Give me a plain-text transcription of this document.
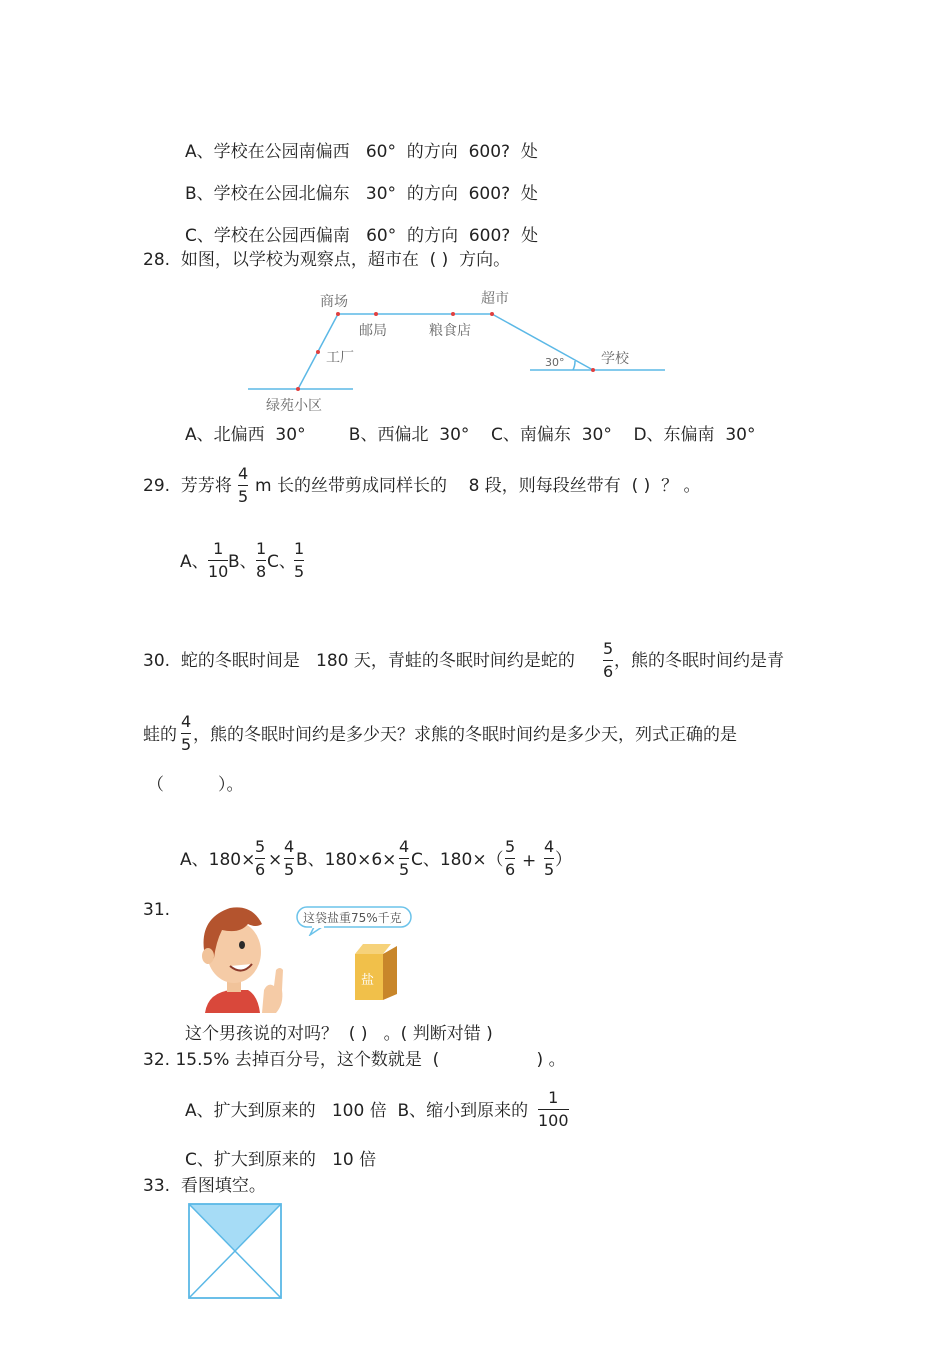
A、学校在公园南偏西   60°  的方向  600?  处
B、学校在公园北偏东   30°  的方向  600?  处
C、学校在公园西偏南   60°  的方向  600?  处
28.  如图，以学校为观察点，超市在  ( )  方向。
商场	超市
邮局	粮食店
工厂	学校
绿苑小区
30°
A、北偏西  30°        B、西偏北  30°    C、南偏东  30°    D、东偏南  30°
29.  芳芳将
4
5
m 长的丝带剪成同样长的    8 段，则每段丝带有  ( )  ？ 。
A、
1
10 B、
1
8 C、
1
5
30.  蛇的冬眠时间是   180 天，青蛙的冬眠时间约是蛇的
5
6
，熊的冬眠时间约是青
蛙的
4
5 ，熊的冬眠时间约是多少天？求熊的冬眠时间约是多少天，列式正确的是
（          ）。
A、180×
5
6 ×
4
5 B、180×6×
4
5 C、180×（
5
6 +
4
5 ）
31.	这袋盐重75%千克
盐
这个男孩说的对吗？  ( )   。( 判断对错 )
32. 15.5% 去掉百分号，这个数就是  (                  ) 。
A、扩大到原来的   100 倍  B、缩小到原来的
1
100
C、扩大到原来的   10 倍
33.  看图填空。
